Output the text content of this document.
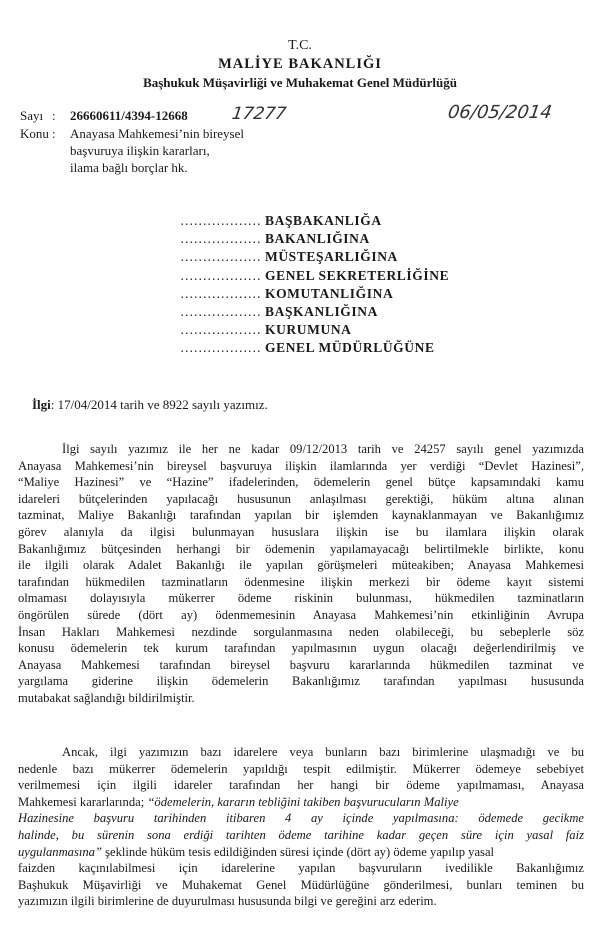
T.C.
MALİYE BAKANLIĞI
Başhukuk Müşavirliği ve Muhakemat Genel Müdürlüğü
Sayı : 26660611/4394-12668	17277	06/05/2014
Konu : Anayasa Mahkemesi’nin bireysel
başvuruya ilişkin kararları,
ilama bağlı borçlar hk.
……………… BAŞBAKANLIĞA
……………… BAKANLIĞINA
……………… MÜSTEŞARLIĞINA
……………… GENEL SEKRETERLİĞİNE
……………… KOMUTANLIĞINA
……………… BAŞKANLIĞINA
……………… KURUMUNA
……………… GENEL MÜDÜRLÜĞÜNE
İlgi: 17/04/2014 tarih ve 8922 sayılı yazımız.
İlgi sayılı yazımız ile her ne kadar 09/12/2013 tarih ve 24257 sayılı genel yazımızda
Anayasa Mahkemesi’nin bireysel başvuruya ilişkin ilamlarında yer verdiği “Devlet Hazinesi”,
“Maliye Hazinesi” ve “Hazine” ifadelerinden, ödemelerin genel bütçe kapsamındaki kamu
idareleri bütçelerinden yapılacağı hususunun anlaşılması gerektiği, hüküm altına alınan
tazminat, Maliye Bakanlığı tarafından yapılan bir işlemden kaynaklanmayan ve Bakanlığımız
görev alanıyla da ilgisi bulunmayan hususlara ilişkin ise bu ilamlara ilişkin olarak
Bakanlığımız bütçesinden herhangi bir ödemenin yapılamayacağı belirtilmekle birlikte, konu
ile ilgili olarak Adalet Bakanlığı ile yapılan görüşmeleri müteakiben; Anayasa Mahkemesi
tarafından hükmedilen tazminatların ödenmesine ilişkin merkezi bir ödeme kayıt sistemi
olmaması dolayısıyla mükerrer ödeme riskinin bulunması, hükmedilen tazminatların
öngörülen sürede (dört ay) ödenmemesinin Anayasa Mahkemesi’nin etkinliğinin Avrupa
İnsan Hakları Mahkemesi nezdinde sorgulanmasına neden olabileceği, bu sebeplerle söz
konusu ödemelerin tek kurum tarafından yapılmasının uygun olacağı değerlendirilmiş ve
Anayasa Mahkemesi tarafından bireysel başvuru kararlarında hükmedilen tazminat ve
yargılama giderine ilişkin ödemelerin Bakanlığımız tarafından yapılması hususunda
mutabakat sağlandığı bildirilmiştir.
Ancak, ilgi yazımızın bazı idarelere veya bunların bazı birimlerine ulaşmadığı ve bu
nedenle bazı mükerrer ödemelerin yapıldığı tespit edilmiştir. Mükerrer ödemeye sebebiyet
verilmemesi için ilgili idareler tarafından her hangi bir ödeme yapılmaması, Anayasa
Mahkemesi kararlarında; “ödemelerin, kararın tebliğini takiben başvurucuların Maliye
Hazinesine başvuru tarihinden itibaren 4 ay içinde yapılmasına: ödemede gecikme
halinde, bu sürenin sona erdiği tarihten ödeme tarihine kadar geçen süre için yasal faiz
uygulanmasına” şeklinde hüküm tesis edildiğinden süresi içinde (dört ay) ödeme yapılıp yasal
faizden kaçınılabilmesi için idarelerine yapılan başvuruların ivedilikle Bakanlığımız
Başhukuk Müşavirliği ve Muhakemat Genel Müdürlüğüne gönderilmesi, bunları teminen bu
yazımızın ilgili birimlerine de duyurulması hususunda bilgi ve gereğini arz ederim.
